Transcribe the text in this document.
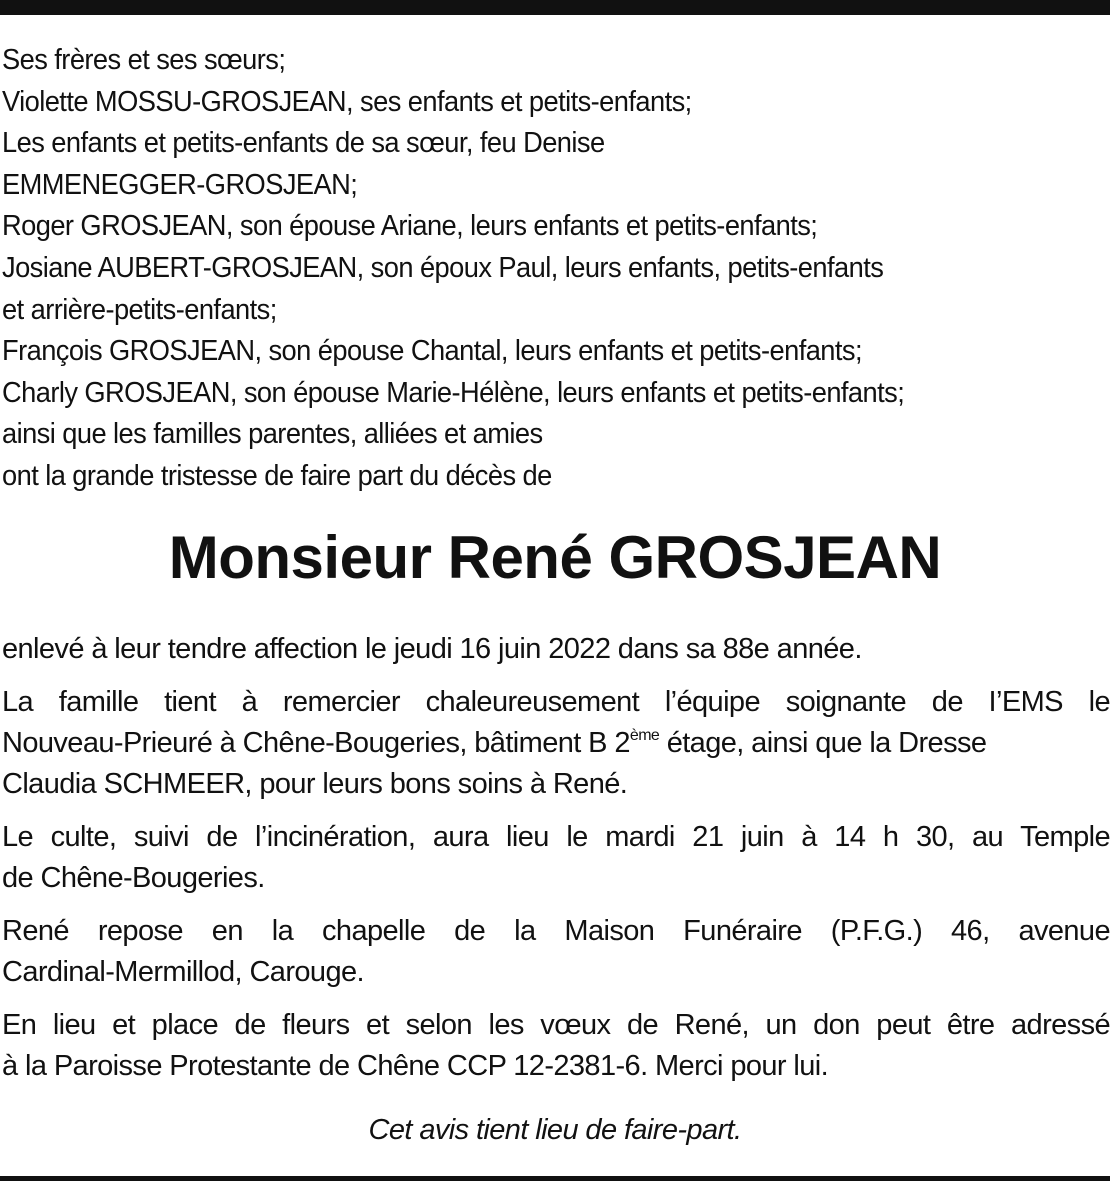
Ses frères et ses sœurs;
Violette MOSSU-GROSJEAN, ses enfants et petits-enfants;
Les enfants et petits-enfants de sa sœur, feu Denise
EMMENEGGER-GROSJEAN;
Roger GROSJEAN, son épouse Ariane, leurs enfants et petits-enfants;
Josiane AUBERT-GROSJEAN, son époux Paul, leurs enfants, petits-enfants
et arrière-petits-enfants;
François GROSJEAN, son épouse Chantal, leurs enfants et petits-enfants;
Charly GROSJEAN, son épouse Marie-Hélène, leurs enfants et petits-enfants;
ainsi que les familles parentes, alliées et amies
ont la grande tristesse de faire part du décès de
Monsieur René GROSJEAN
enlevé à leur tendre affection le jeudi 16 juin 2022 dans sa 88e année.
La famille tient à remercier chaleureusement l’équipe soignante de I’EMS le
Nouveau-Prieuré à Chêne-Bougeries, bâtiment B 2ème étage, ainsi que la Dresse
Claudia SCHMEER, pour leurs bons soins à René.
Le culte, suivi de l’incinération, aura lieu le mardi 21 juin à 14 h 30, au Temple
de Chêne-Bougeries.
René repose en la chapelle de la Maison Funéraire (P.F.G.) 46, avenue
Cardinal-Mermillod, Carouge.
En lieu et place de fleurs et selon les vœux de René, un don peut être adressé
à la Paroisse Protestante de Chêne CCP 12-2381-6. Merci pour lui.
Cet avis tient lieu de faire-part.
